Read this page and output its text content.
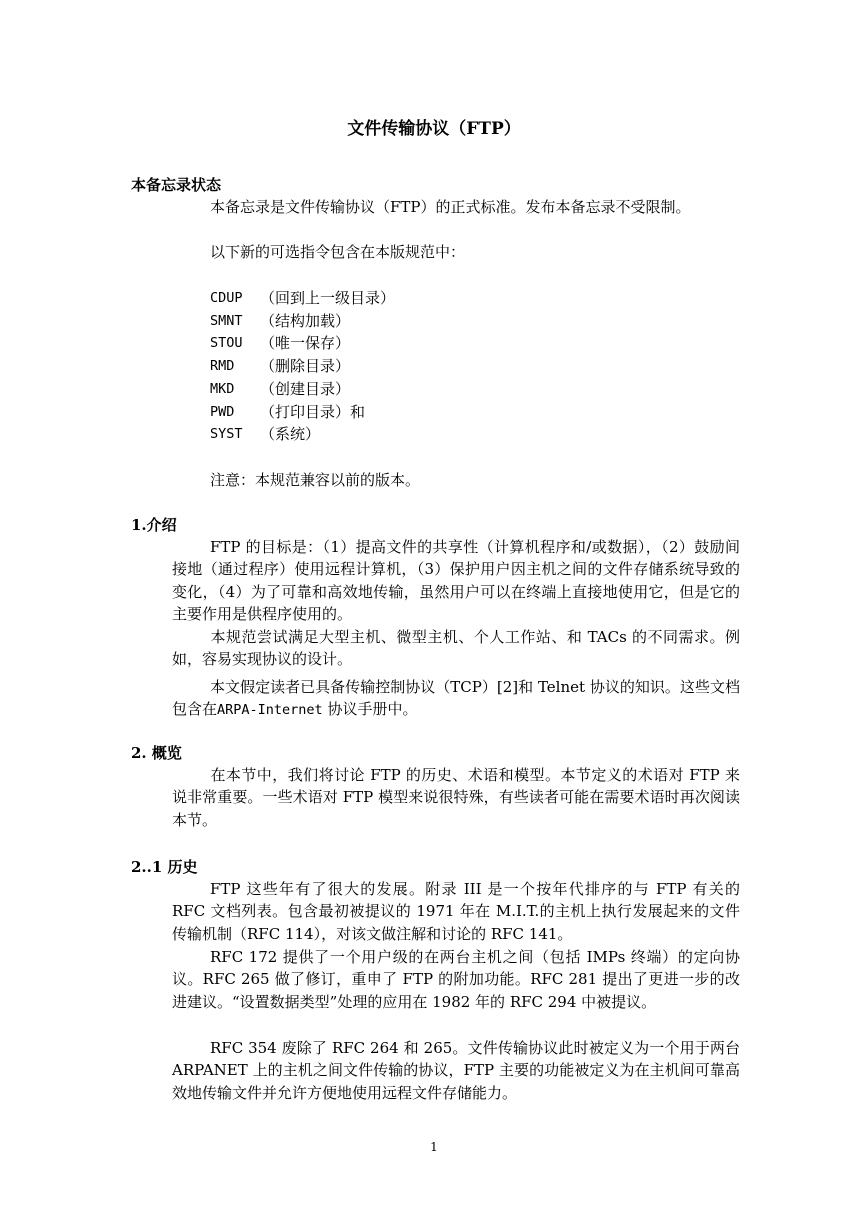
文件传输协议（FTP）
本备忘录状态

本备忘录是文件传输协议（FTP）的正式标准。发布本备忘录不受限制。

以下新的可选指令包含在本版规范中：

CDUP	（回到上一级目录）
SMNT	（结构加载）
STOU	（唯一保存）
RMD	（删除目录）
MKD	（创建目录）
PWD	（打印目录）和
SYST	（系统）

注意：本规范兼容以前的版本。

1.介绍

FTP 的目标是：（1）提高文件的共享性（计算机程序和/或数据），（2）鼓励间接地（通过程序）使用远程计算机，（3）保护用户因主机之间的文件存储系统导致的变化，（4）为了可靠和高效地传输，虽然用户可以在终端上直接地使用它，但是它的主要作用是供程序使用的。

本规范尝试满足大型主机、微型主机、个人工作站、和 TACs 的不同需求。例如，容易实现协议的设计。

本文假定读者已具备传输控制协议（TCP）[2]和 Telnet 协议的知识。这些文档包含在ARPA-Internet 协议手册中。

2. 概览

在本节中，我们将讨论 FTP 的历史、术语和模型。本节定义的术语对 FTP 来说非常重要。一些术语对 FTP 模型来说很特殊，有些读者可能在需要术语时再次阅读本节。

2..1 历史

FTP 这些年有了很大的发展。附录 III 是一个按年代排序的与 FTP 有关的 RFC 文档列表。包含最初被提议的 1971 年在 M.I.T.的主机上执行发展起来的文件传输机制（RFC 114），对该文做注解和讨论的 RFC 141。

RFC 172 提供了一个用户级的在两台主机之间（包括 IMPs 终端）的定向协议。RFC 265 做了修订，重申了 FTP 的附加功能。RFC 281 提出了更进一步的改进建议。“设置数据类型”处理的应用在 1982 年的 RFC 294 中被提议。

RFC 354 废除了 RFC 264 和 265。文件传输协议此时被定义为一个用于两台 ARPANET 上的主机之间文件传输的协议，FTP 主要的功能被定义为在主机间可靠高效地传输文件并允许方便地使用远程文件存储能力。

1
